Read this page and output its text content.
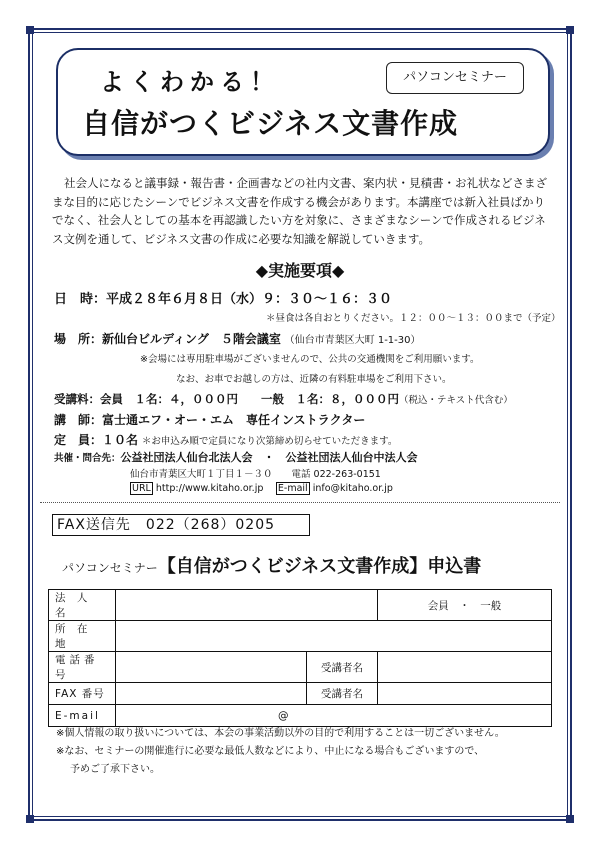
よくわかる！
自信がつくビジネス文書作成
パソコンセミナー
社会人になると議事録・報告書・企画書などの社内文書、案内状・見積書・お礼状などさまざまな目的に応じたシーンでビジネス文書を作成する機会があります。本講座では新入社員ばかりでなく、社会人としての基本を再認識したい方を対象に、さまざまなシーンで作成されるビジネス文例を通して、ビジネス文書の作成に必要な知識を解説していきます。
◆実施要項◆
日　時：平成２８年６月８日（水）９：３０～１６：３０
＊昼食は各自おとりください。１２：００～１３：００まで（予定）
場　所：新仙台ビルディング　５階会議室 （仙台市青葉区大町 1-1-30）
※会場には専用駐車場がございませんので、公共の交通機関をご利用願います。
なお、お車でお越しの方は、近隣の有料駐車場をご利用下さい。
受講料：会員　１名：４，０００円　　一般　１名：８，０００円（税込・テキスト代含む）
講　師：富士通エフ・オー・エム　専任インストラクター
定　員：１０名 ＊お申込み順で定員になり次第締め切らせていただきます。
共催・問合先：公益社団法人仙台北法人会　・　公益社団法人仙台中法人会
仙台市青葉区大町１丁目１－３０　　 電話 022-263-0151
URL http://www.kitaho.or.jp　 E-mail info@kitaho.or.jp
FAX送信先　022（268）0205
パソコンセミナー【自信がつくビジネス文書作成】申込書
法 人 名			会員　・　一般
所 在 地			
電話番号		受講者名	
FAX 番号		受講者名	
E-mail	@		
※個人情報の取り扱いについては、本会の事業活動以外の目的で利用することは一切ございません。
※なお、セミナーの開催進行に必要な最低人数などにより、中止になる場合もございますので、
予めご了承下さい。
